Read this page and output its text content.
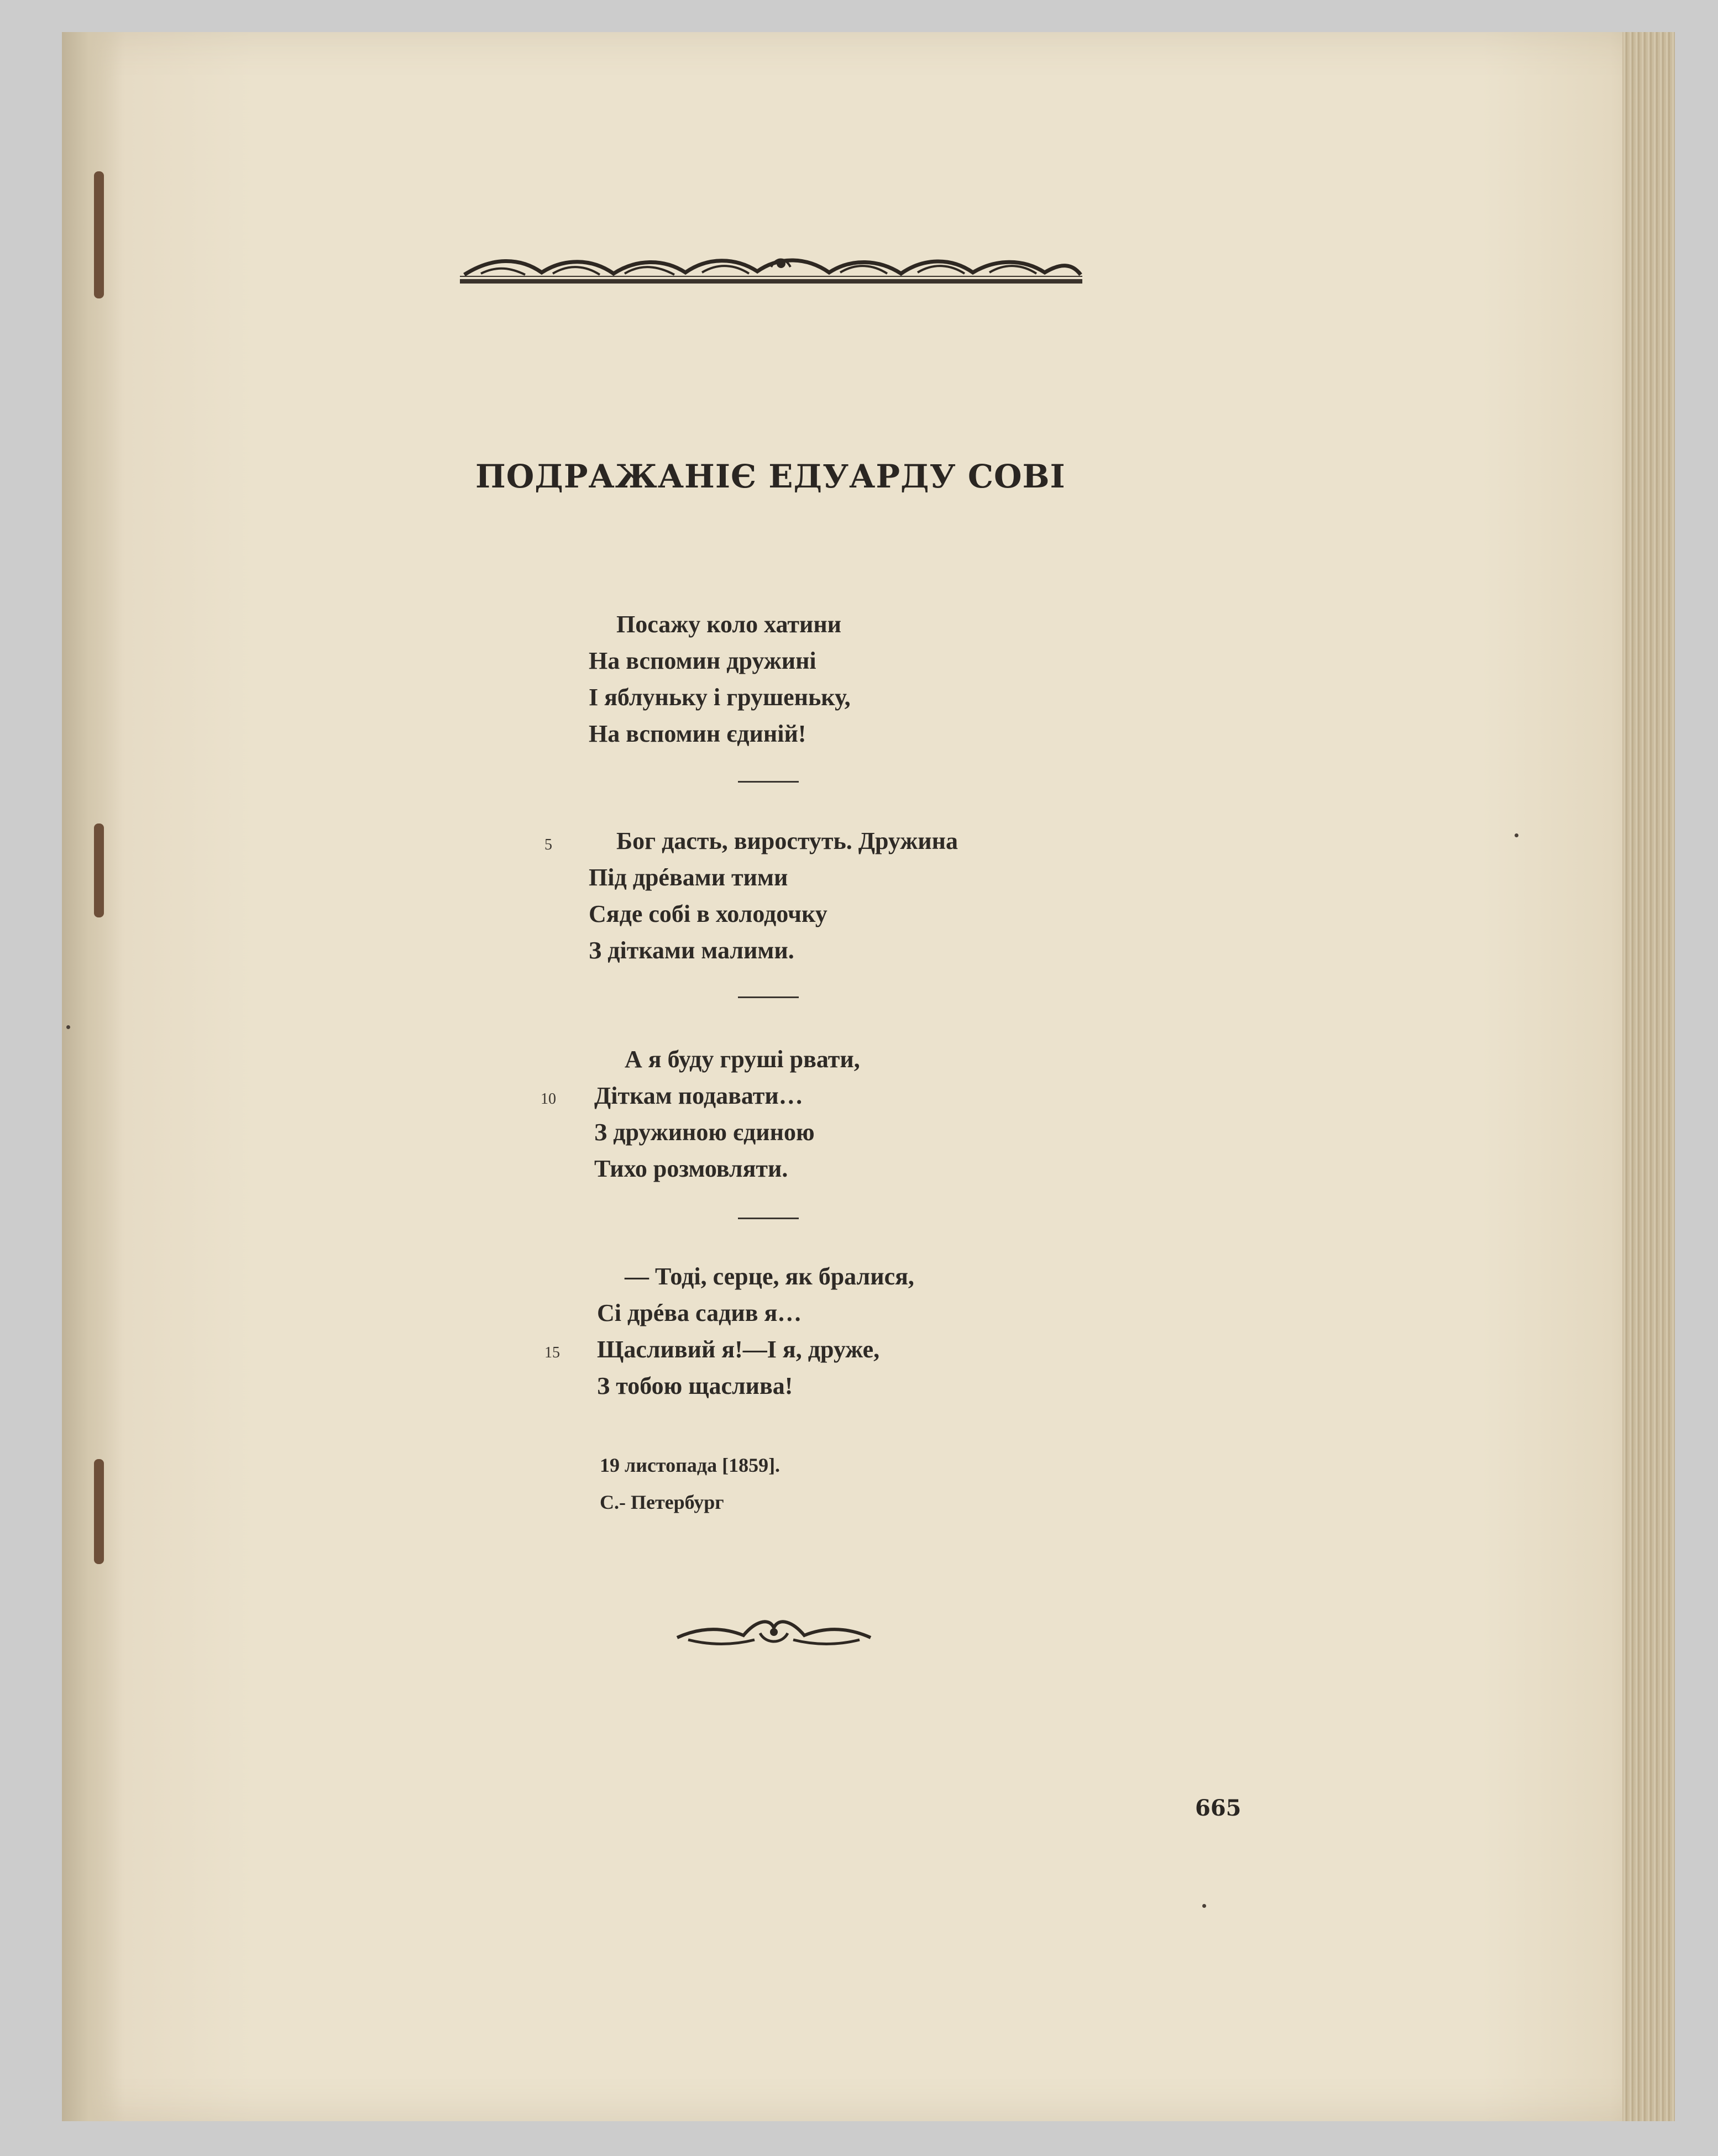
ПОДРАЖАНІЄ ЕДУАРДУ СОВІ
Посажу коло хатини
На вспомин дружині
І яблуньку і грушеньку,
На вспомин єдиній!
5	Бог дасть, виростуть. Дружина
Під дрéвами тими
Сяде собі в холодочку
З дітками малими.
А я буду груші рвати,
10 Діткам подавати…
З дружиною єдиною
Тихо розмовляти.
— Тоді, серце, як бралися,
Сі дрéва садив я…
15 Щасливий я!—І я, друже,
З тобою щаслива!
19 листопада [1859].
С.- Петербург
665
